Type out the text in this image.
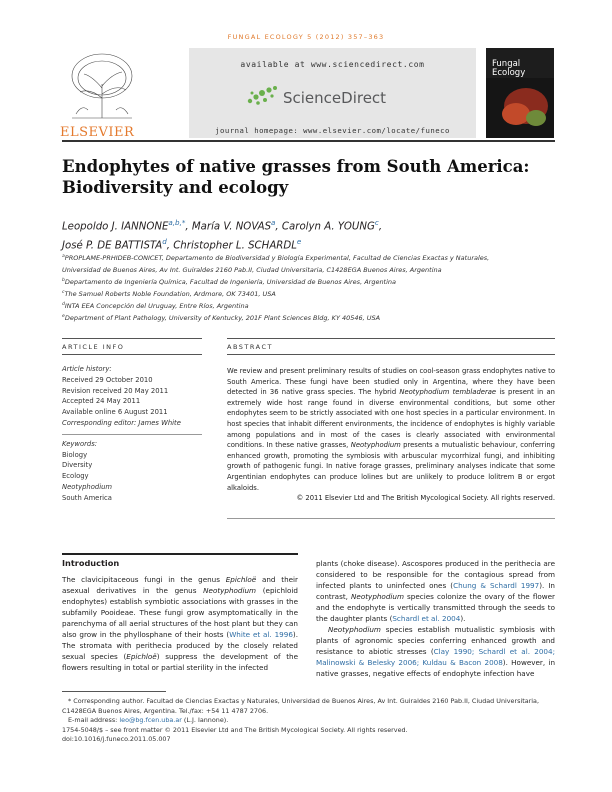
FUNGAL ECOLOGY 5 (2012) 357–363
ELSEVIER
available at www.sciencedirect.com
ScienceDirect
journal homepage: www.elsevier.com/locate/funeco
Fungal Ecology
Endophytes of native grasses from South America:
Biodiversity and ecology
Leopoldo J. $IANNONE^{a,b,*}$, María V. NOVAS$^a$, Carolyn A. YOUNG$^c$,
José P. DE BATTISTA$^d$, Christopher L. SCHARDL$^e$
$^a$PROPLAME-PRHIDEB-CONICET, Departamento de Biodiversidad y Biología Experimental, Facultad de Ciencias Exactas y Naturales,
Universidad de Buenos Aires, Av Int. Guiraldes 2160 Pab.II, Ciudad Universitaria, C1428EGA Buenos Aires, Argentina
$^b$Departamento de Ingeniería Química, Facultad de Ingeniería, Universidad de Buenos Aires, Argentina
$^c$The Samuel Roberts Noble Foundation, Ardmore, OK 73401, USA
$^d$INTA EEA Concepción del Uruguay, Entre Ríos, Argentina
$^e$Department of Plant Pathology, University of Kentucky, 201F Plant Sciences Bldg, KY 40546, USA
ARTICLE INFO	ABSTRACT
Article history:
Received 29 October 2010
Revision received 20 May 2011
Accepted 24 May 2011
Available online 6 August 2011
Corresponding editor: James White
Keywords:
Biology
Diversity
Ecology
Neotyphodium
South America
We review and present preliminary results of studies on cool-season grass endophytes native to South America. These fungi have been studied only in Argentina, where they have been detected in 36 native grass species. The hybrid Neotyphodium tembladerae is present in an extremely wide host range found in diverse environmental conditions, but some other endophytes seem to be strictly associated with one host species in a particular environment. In host species that inhabit different environments, the incidence of endophytes is highly variable among populations and in most of the cases is clearly associated with environmental conditions. In these native grasses, Neotyphodium presents a mutualistic behaviour, conferring enhanced growth, promoting the symbiosis with arbuscular mycorrhizal fungi, and inhibiting growth of pathogenic fungi. In native forage grasses, preliminary analyses indicate that some Argentinian endophytes can produce lolines but are unlikely to produce lolitrem B or ergot alkaloids.
© 2011 Elsevier Ltd and The British Mycological Society. All rights reserved.
Introduction
The clavicipitaceous fungi in the genus Epichloë and their asexual derivatives in the genus Neotyphodium (epichloid endophytes) establish symbiotic associations with grasses in the subfamily Pooideae. These fungi grow asymptomatically in the parenchyma of all aerial structures of the host plant but they can also grow in the phyllosphane of their hosts (White et al. 1996). The stromata with perithecia produced by the closely related sexual species (Epichloë) suppress the development of the flowers resulting in total or partial sterility in the infected
plants (choke disease). Ascospores produced in the perithecia are considered to be responsible for the contagious spread from infected plants to uninfected ones (Chung & Schardl 1997). In contrast, Neotyphodium species colonize the ovary of the flower and the endophyte is vertically transmitted through the seeds to the daughter plants (Schardl et al. 2004).
Neotyphodium species establish mutualistic symbiosis with plants of agronomic species conferring enhanced growth and resistance to abiotic stresses (Clay 1990; Schardl et al. 2004; Malinowski & Belesky 2006; Kuldau & Bacon 2008). However, in native grasses, negative effects of endophyte infection have
* Corresponding author. Facultad de Ciencias Exactas y Naturales, Universidad de Buenos Aires, Av Int. Guiraldes 2160 Pab.II, Ciudad Universitaria, C1428EGA Buenos Aires, Argentina. Tel./fax: +54 11 4787 2706.
E-mail address: leo@bg.fcen.uba.ar (L.J. Iannone).
1754-5048/$ – see front matter © 2011 Elsevier Ltd and The British Mycological Society. All rights reserved.
doi:10.1016/j.funeco.2011.05.007
